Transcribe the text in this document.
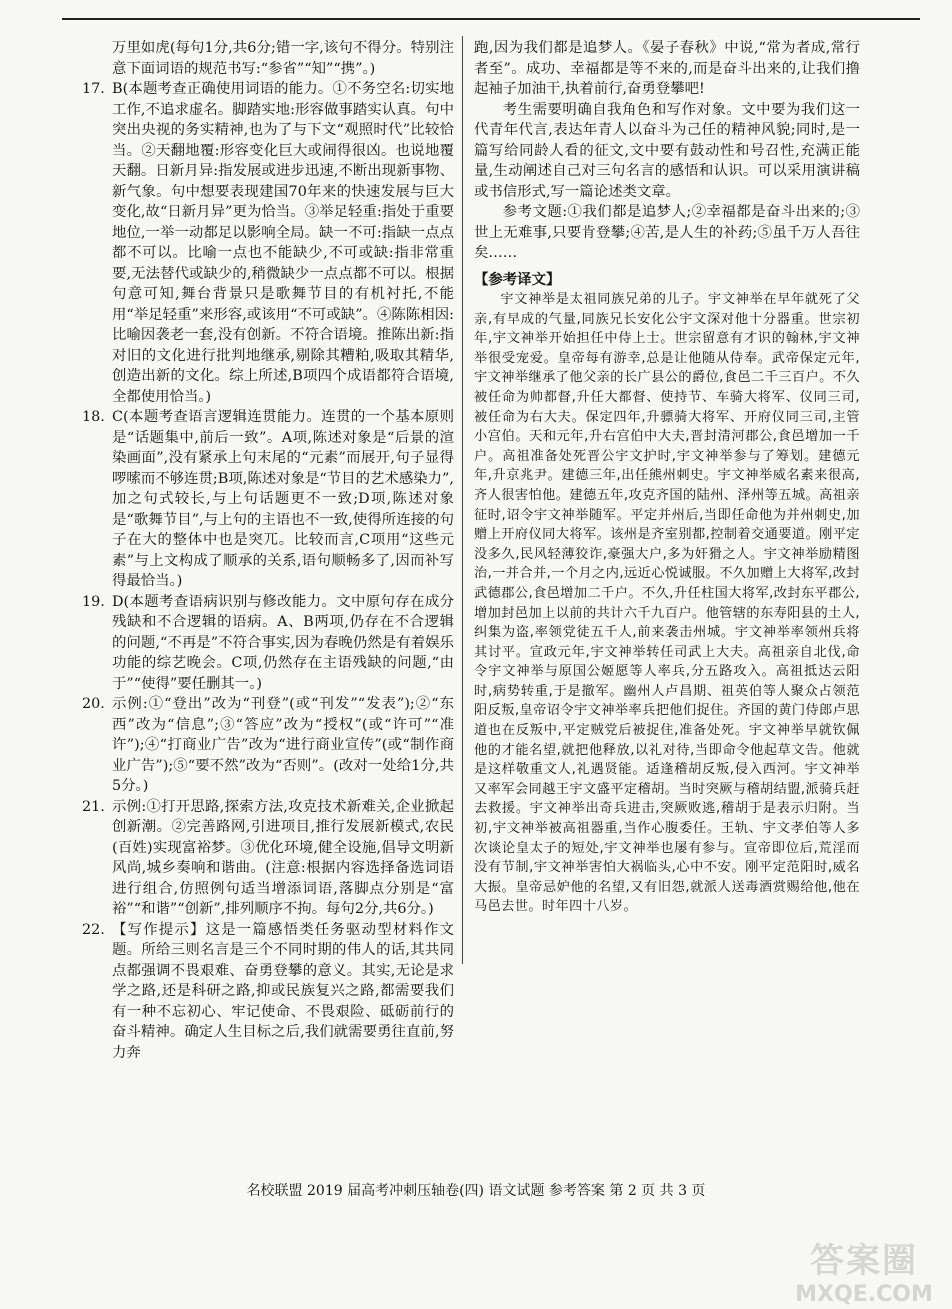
万里如虎(每句1分,共6分;错一字,该句不得分。特别注意下面词语的规范书写:“参省”“知”“携”。)

17. B(本题考查正确使用词语的能力。①不务空名:切实地工作,不追求虚名。脚踏实地:形容做事踏实认真。句中突出央视的务实精神,也为了与下文“观照时代”比较恰当。②天翻地覆:形容变化巨大或闹得很凶。也说地覆天翻。日新月异:指发展或进步迅速,不断出现新事物、新气象。句中想要表现建国70年来的快速发展与巨大变化,故“日新月异”更为恰当。③举足轻重:指处于重要地位,一举一动都足以影响全局。缺一不可:指缺一点点都不可以。比喻一点也不能缺少,不可或缺:指非常重要,无法替代或缺少的,稍微缺少一点点都不可以。根据句意可知,舞台背景只是歌舞节目的有机衬托,不能用“举足轻重”来形容,或该用“不可或缺”。④陈陈相因:比喻因袭老一套,没有创新。不符合语境。推陈出新:指对旧的文化进行批判地继承,剔除其糟粕,吸取其精华,创造出新的文化。综上所述,B项四个成语都符合语境,全都使用恰当。)

18. C(本题考查语言逻辑连贯能力。连贯的一个基本原则是“话题集中,前后一致”。A项,陈述对象是“后景的渲染画面”,没有紧承上句末尾的“元素”而展开,句子显得啰嗦而不够连贯;B项,陈述对象是“节目的艺术感染力”,加之句式较长,与上句话题更不一致;D项,陈述对象是“歌舞节目”,与上句的主语也不一致,使得所连接的句子在大的整体中也是突兀。比较而言,C项用“这些元素”与上文构成了顺承的关系,语句顺畅多了,因而补写得最恰当。)

19. D(本题考查语病识别与修改能力。文中原句存在成分残缺和不合逻辑的语病。A、B两项,仍存在不合逻辑的问题,“不再是”不符合事实,因为春晚仍然是有着娱乐功能的综艺晚会。C项,仍然存在主语残缺的问题,“由于”“使得”要任删其一。)

20. 示例:①“登出”改为“刊登”(或“刊发”“发表”);②“东西”改为“信息”;③“答应”改为“授权”(或“许可”“准许”);④“打商业广告”改为“进行商业宣传”(或“制作商业广告”);⑤“要不然”改为“否则”。(改对一处给1分,共5分。)

21. 示例:①打开思路,探索方法,攻克技术新难关,企业掀起创新潮。②完善路网,引进项目,推行发展新模式,农民(百姓)实现富裕梦。③优化环境,健全设施,倡导文明新风尚,城乡奏响和谐曲。(注意:根据内容选择备选词语进行组合,仿照例句适当增添词语,落脚点分别是“富裕”“和谐”“创新”,排列顺序不拘。每句2分,共6分。)

22. 【写作提示】这是一篇感悟类任务驱动型材料作文题。所给三则名言是三个不同时期的伟人的话,其共同点都强调不畏艰难、奋勇登攀的意义。其实,无论是求学之路,还是科研之路,抑或民族复兴之路,都需要我们有一种不忘初心、牢记使命、不畏艰险、砥砺前行的奋斗精神。确定人生目标之后,我们就需要勇往直前,努力奔

跑,因为我们都是追梦人。《晏子春秋》中说,“常为者成,常行者至”。成功、幸福都是等不来的,而是奋斗出来的,让我们撸起袖子加油干,执着前行,奋勇登攀吧!

考生需要明确自我角色和写作对象。文中要为我们这一代青年代言,表达年青人以奋斗为己任的精神风貌;同时,是一篇写给同龄人看的征文,文中要有鼓动性和号召性,充满正能量,生动阐述自己对三句名言的感悟和认识。可以采用演讲稿或书信形式,写一篇论述类文章。

参考文题:①我们都是追梦人;②幸福都是奋斗出来的;③世上无难事,只要肯登攀;④苦,是人生的补药;⑤虽千万人吾往矣……

【参考译文】

宇文神举是太祖同族兄弟的儿子。宇文神举在早年就死了父亲,有早成的气量,同族兄长安化公宇文深对他十分器重。世宗初年,宇文神举开始担任中侍上士。世宗留意有才识的翰林,宇文神举很受宠爱。皇帝每有游幸,总是让他随从侍奉。武帝保定元年,宇文神举继承了他父亲的长广县公的爵位,食邑二千三百户。不久被任命为帅都督,升任大都督、使持节、车骑大将军、仪同三司,被任命为右大夫。保定四年,升骠骑大将军、开府仪同三司,主管小宫伯。天和元年,升右宫伯中大夫,晋封清河郡公,食邑增加一千户。高祖准备处死晋公宇文护时,宇文神举参与了筹划。建德元年,升京兆尹。建德三年,出任熊州刺史。宇文神举威名素来很高,齐人很害怕他。建德五年,攻克齐国的陆州、泽州等五城。高祖亲征时,诏令宇文神举随军。平定并州后,当即任命他为并州刺史,加赠上开府仪同大将军。该州是齐室别都,控制着交通要道。刚平定没多久,民风轻薄狡诈,豪强大户,多为奸猾之人。宇文神举励精图治,一并合并,一个月之内,远近心悦诚服。不久加赠上大将军,改封武德郡公,食邑增加二千户。不久,升任柱国大将军,改封东平郡公,增加封邑加上以前的共计六千九百户。他管辖的东寿阳县的土人,纠集为盗,率领党徒五千人,前来袭击州城。宇文神举率领州兵将其讨平。宣政元年,宇文神举转任司武上大夫。高祖亲自北伐,命令宇文神举与原国公姬愿等人率兵,分五路攻入。高祖抵达云阳时,病势转重,于是撤军。幽州人卢昌期、祖英伯等人聚众占领范阳反叛,皇帝诏令宇文神举率兵把他们捉住。齐国的黄门侍郎卢思道也在反叛中,平定贼党后被捉住,准备处死。宇文神举早就钦佩他的才能名望,就把他释放,以礼对待,当即命令他起草文告。他就是这样敬重文人,礼遇贤能。适逢稽胡反叛,侵入西河。宇文神举又率军会同越王宇文盛平定稽胡。当时突厥与稽胡结盟,派骑兵赶去救援。宇文神举出奇兵进击,突厥败逃,稽胡于是表示归附。当初,宇文神举被高祖器重,当作心腹委任。王轨、宇文孝伯等人多次谈论皇太子的短处,宇文神举也屡有参与。宣帝即位后,荒淫而没有节制,宇文神举害怕大祸临头,心中不安。刚平定范阳时,威名大振。皇帝忌妒他的名望,又有旧怨,就派人送毒酒赏赐给他,他在马邑去世。时年四十八岁。

名校联盟 2019 届高考冲刺压轴卷(四) 语文试题 参考答案 第 2 页 共 3 页
答案圈
MXQE.COM
